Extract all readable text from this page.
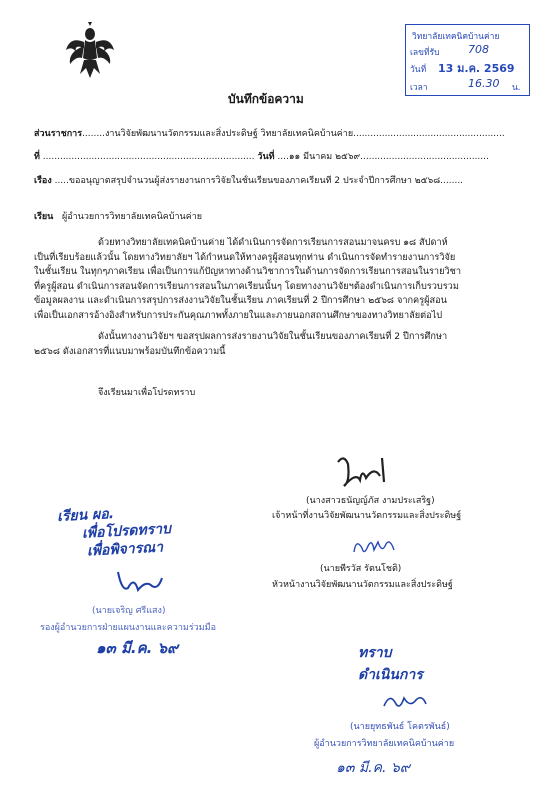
วิทยาลัยเทคนิคบ้านค่าย
เลขที่รับ	708
วันที่ 13 ม.ค. 2569
เวลา	16.30 น.
บันทึกข้อความ
ส่วนราชการ........งานวิจัยพัฒนานวัตกรรมและสิ่งประดิษฐ์ วิทยาลัยเทคนิคบ้านค่าย.....................................................
ที่ .......................................................................... วันที่ ....๑๑ มีนาคม ๒๕๖๙.............................................
เรื่อง .....ขออนุญาตสรุปจำนวนผู้ส่งรายงานการวิจัยในชั้นเรียนของภาคเรียนที่ 2 ประจำปีการศึกษา ๒๕๖๘........
เรียน ผู้อำนวยการวิทยาลัยเทคนิคบ้านค่าย
ด้วยทางวิทยาลัยเทคนิคบ้านค่าย ได้ดำเนินการจัดการเรียนการสอนมาจนครบ ๑๘ สัปดาห์
เป็นที่เรียบร้อยแล้วนั้น โดยทางวิทยาลัยฯ ได้กำหนดให้ทางครูผู้สอนทุกท่าน ดำเนินการจัดทำรายงานการวิจัย
ในชั้นเรียน ในทุกๆภาคเรียน เพื่อเป็นการแก้ปัญหาทางด้านวิชาการในด้านการจัดการเรียนการสอนในรายวิชา
ที่ครูผู้สอน ดำเนินการสอนจัดการเรียนการสอนในภาคเรียนนั้นๆ โดยทางงานวิจัยฯต้องดำเนินการเก็บรวบรวม
ข้อมูลผลงาน และดำเนินการสรุปการส่งงานวิจัยในชั้นเรียน ภาคเรียนที่ 2 ปีการศึกษา ๒๕๖๘ จากครูผู้สอน
เพื่อเป็นเอกสารอ้างอิงสำหรับการประกันคุณภาพทั้งภายในและภายนอกสถานศึกษาของทางวิทยาลัยต่อไป
ดังนั้นทางงานวิจัยฯ ขอสรุปผลการส่งรายงานวิจัยในชั้นเรียนของภาคเรียนที่ 2 ปีการศึกษา
๒๕๖๘ ดังเอกสารที่แนบมาพร้อมบันทึกข้อความนี้
จึงเรียนมาเพื่อโปรดทราบ
(นางสาวธนัญญ์ภัส งามประเสริฐ)
เจ้าหน้าที่งานวิจัยพัฒนานวัตกรรมและสิ่งประดิษฐ์
(นายพีรวัส รัตนโชติ)
หัวหน้างานวิจัยพัฒนานวัตกรรมและสิ่งประดิษฐ์
เรียน ผอ.
เพื่อโปรดทราบ
เพื่อพิจารณา
(นายเจริญ ศรีแสง)
รองผู้อำนวยการฝ่ายแผนงานและความร่วมมือ
๑๓ มี.ค. ๖๙	ทราบ
ดำเนินการ
(นายยุทธพันธ์ โคตรพันธ์)
ผู้อำนวยการวิทยาลัยเทคนิคบ้านค่าย
๑๓ มี.ค. ๖๙
